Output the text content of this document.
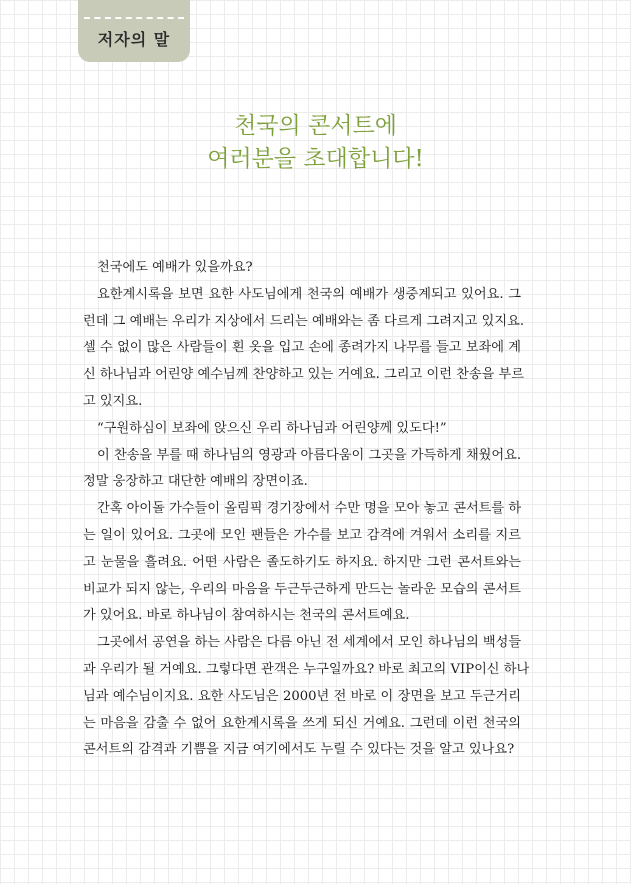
저자의 말
천국의 콘서트에
여러분을 초대합니다!
천국에도 예배가 있을까요?
요한계시록을 보면 요한 사도님에게 천국의 예배가 생중계되고 있어요. 그
런데 그 예배는 우리가 지상에서 드리는 예배와는 좀 다르게 그려지고 있지요.
셀 수 없이 많은 사람들이 흰 옷을 입고 손에 종려가지 나무를 들고 보좌에 계
신 하나님과 어린양 예수님께 찬양하고 있는 거예요. 그리고 이런 찬송을 부르
고 있지요.
“구원하심이 보좌에 앉으신 우리 하나님과 어린양께 있도다!”
이 찬송을 부를 때 하나님의 영광과 아름다움이 그곳을 가득하게 채웠어요.
정말 웅장하고 대단한 예배의 장면이죠.
간혹 아이돌 가수들이 올림픽 경기장에서 수만 명을 모아 놓고 콘서트를 하
는 일이 있어요. 그곳에 모인 팬들은 가수를 보고 감격에 겨워서 소리를 지르
고 눈물을 흘려요. 어떤 사람은 졸도하기도 하지요. 하지만 그런 콘서트와는
비교가 되지 않는, 우리의 마음을 두근두근하게 만드는 놀라운 모습의 콘서트
가 있어요. 바로 하나님이 참여하시는 천국의 콘서트예요.
그곳에서 공연을 하는 사람은 다름 아닌 전 세계에서 모인 하나님의 백성들
과 우리가 될 거예요. 그렇다면 관객은 누구일까요? 바로 최고의 VIP이신 하나
님과 예수님이지요. 요한 사도님은 2000년 전 바로 이 장면을 보고 두근거리
는 마음을 감출 수 없어 요한계시록을 쓰게 되신 거예요. 그런데 이런 천국의
콘서트의 감격과 기쁨을 지금 여기에서도 누릴 수 있다는 것을 알고 있나요?
